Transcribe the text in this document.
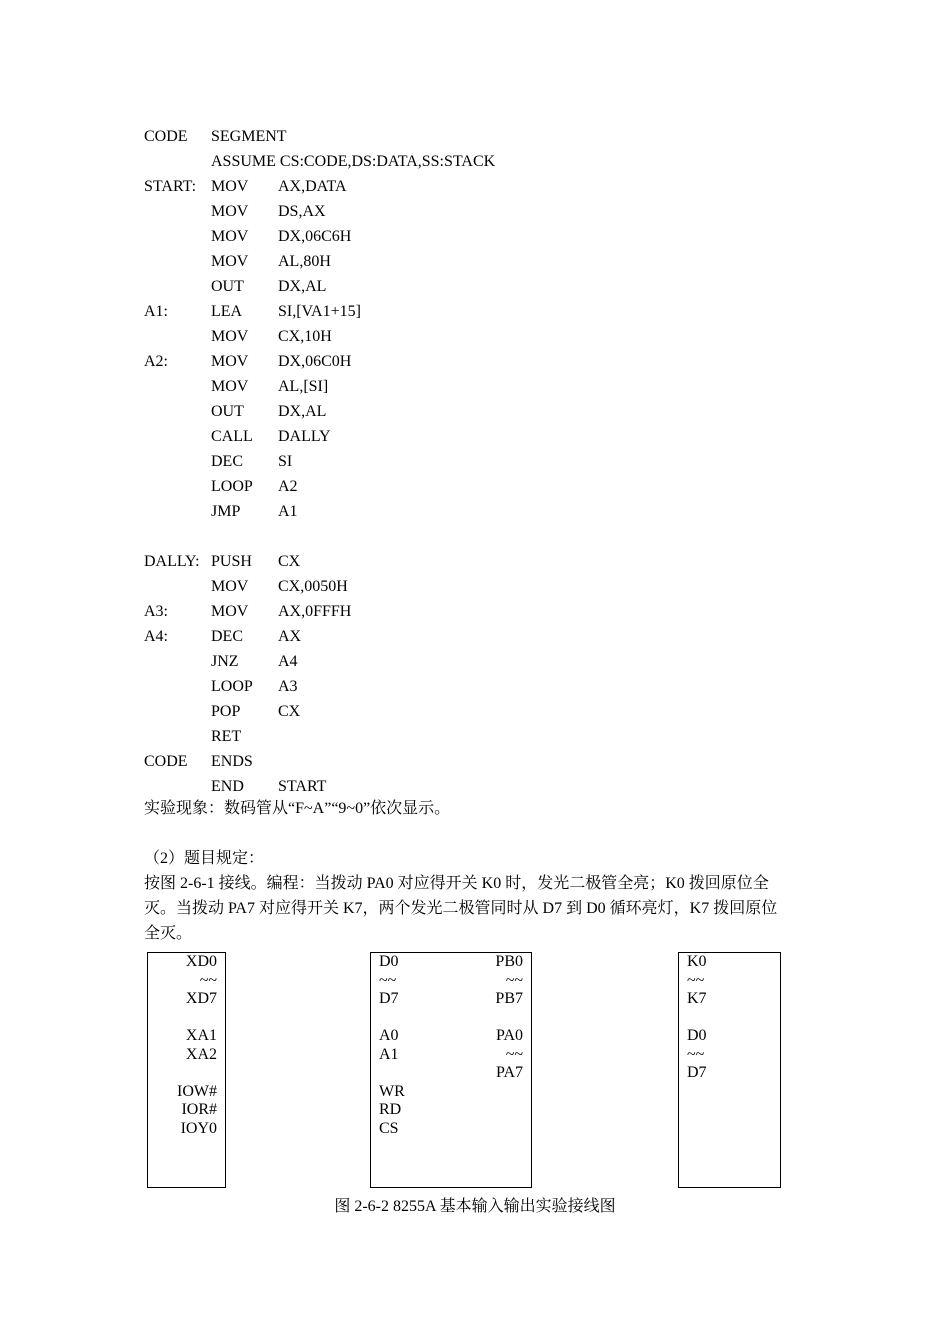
CODE SEGMENT
ASSUME CS:CODE,DS:DATA,SS:STACK
START: MOV AX,DATA
MOV DS,AX
MOV DX,06C6H
MOV AL,80H
OUT DX,AL
A1:	LEA SI,[VA1+15]
MOV CX,10H
A2:	MOV DX,06C0H
MOV AL,[SI]
OUT DX,AL
CALL DALLY
DEC SI
LOOP A2
JMP A1
DALLY: PUSH CX
MOV CX,0050H
A3:	MOV AX,0FFFH
A4:	DEC AX
JNZ A4
LOOP A3
POP CX
RET
CODE ENDS
END START
实验现象：数码管从“F~A”“9~0”依次显示。
（2）题目规定：
按图 2-6-1 接线。编程：当拨动 PA0 对应得开关 K0 时，发光二极管全亮；K0 拨回原位全
灭。当拨动 PA7 对应得开关 K7，两个发光二极管同时从 D7 到 D0 循环亮灯，K7 拨回原位
全灭。
XD0
~~
XD7
XA1
XA2
IOW#
IOR#
IOY0
D0
~~
D7
A0
A1
WR
RD
CS
PB0
~~
PB7
PA0
~~
PA7
K0
~~
K7
D0
~~
D7
图 2-6-2 8255A 基本输入输出实验接线图
